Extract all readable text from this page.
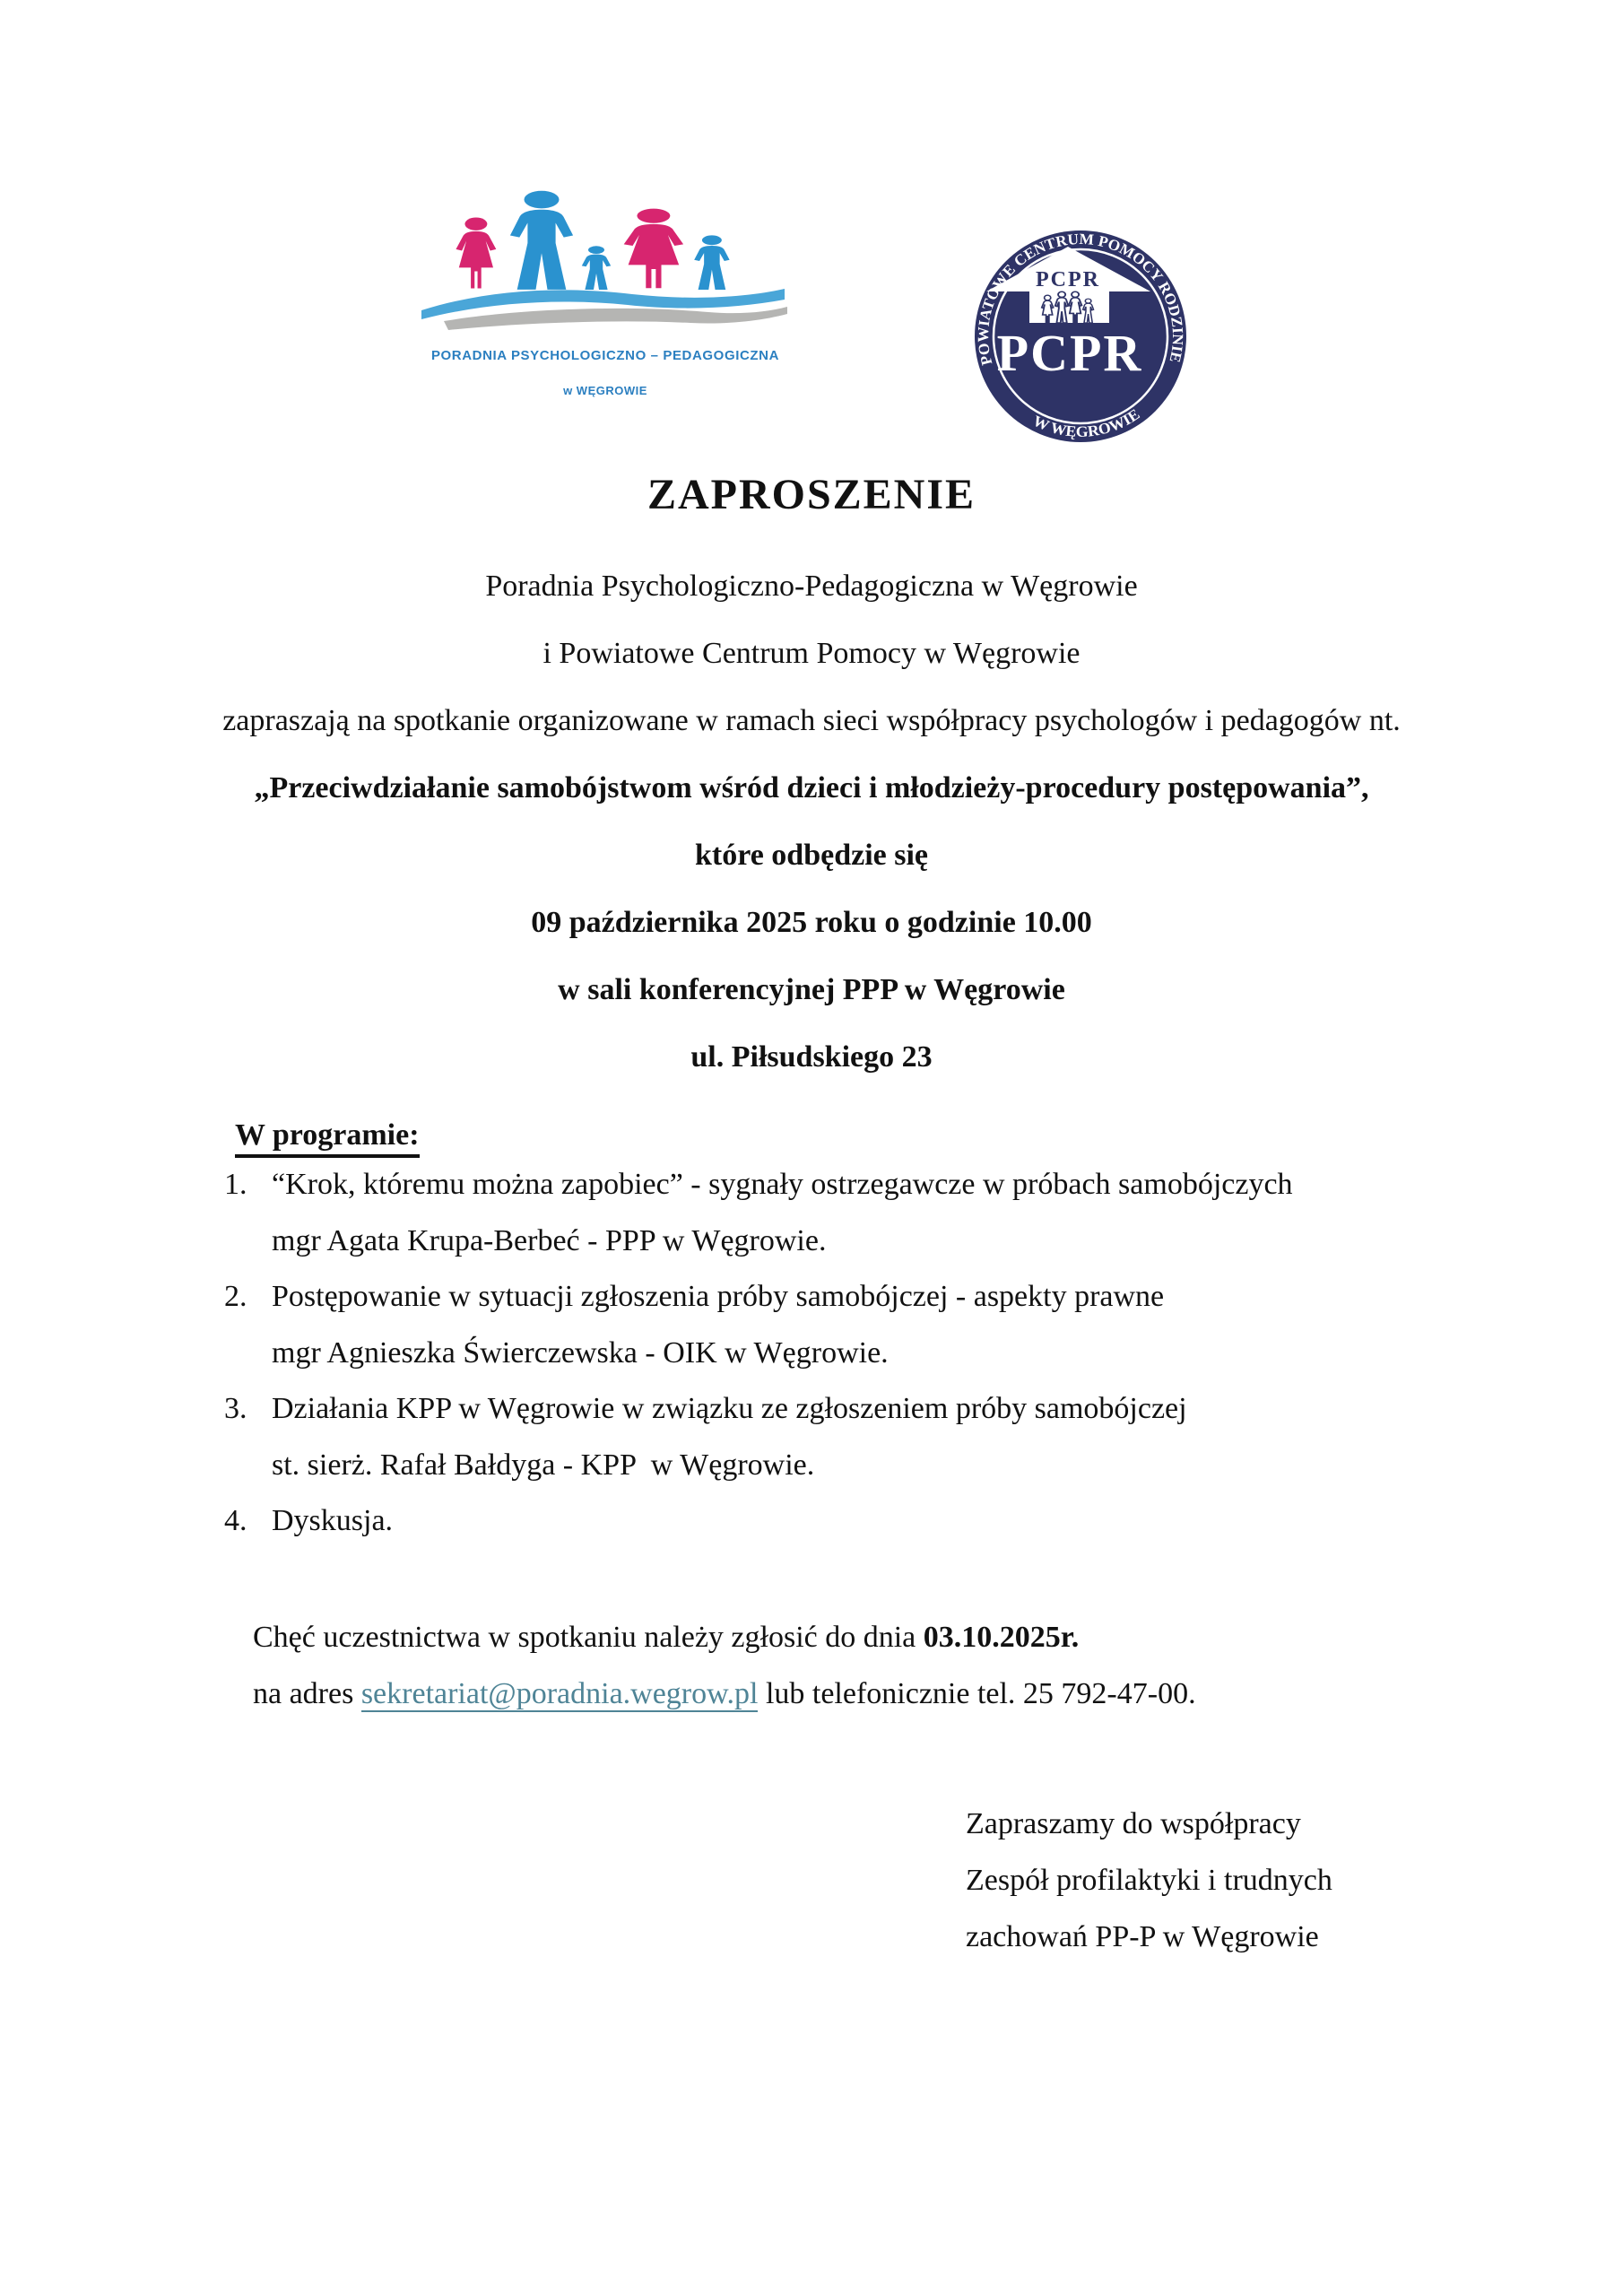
PORADNIA PSYCHOLOGICZNO – PEDAGOGICZNA
w WĘGROWIE
PCPR
PCPR
POWIATOWE CENTRUM POMOCY RODZINIE
W WĘGROWIE
ZAPROSZENIE

Poradnia Psychologiczno-Pedagogiczna w Węgrowie

i Powiatowe Centrum Pomocy w Węgrowie

zapraszają na spotkanie organizowane w ramach sieci współpracy psychologów i pedagogów nt.

„Przeciwdziałanie samobójstwom wśród dzieci i młodzieży-procedury postępowania”,

które odbędzie się

09 października 2025 roku o godzinie 10.00

w sali konferencyjnej PPP w Węgrowie

ul. Piłsudskiego 23

W programie:
1. “Krok, któremu można zapobiec” - sygnały ostrzegawcze w próbach samobójczych
mgr Agata Krupa-Berbeć - PPP w Węgrowie.
2. Postępowanie w sytuacji zgłoszenia próby samobójczej - aspekty prawne
mgr Agnieszka Świerczewska - OIK w Węgrowie.
3. Działania KPP w Węgrowie w związku ze zgłoszeniem próby samobójczej
st. sierż. Rafał Bałdyga - KPP  w Węgrowie.
4. Dyskusja.

Chęć uczestnictwa w spotkaniu należy zgłosić do dnia 03.10.2025r.

na adres sekretariat@poradnia.wegrow.pl lub telefonicznie tel. 25 792-47-00.

Zapraszamy do współpracy

Zespół profilaktyki i trudnych

zachowań PP-P w Węgrowie
